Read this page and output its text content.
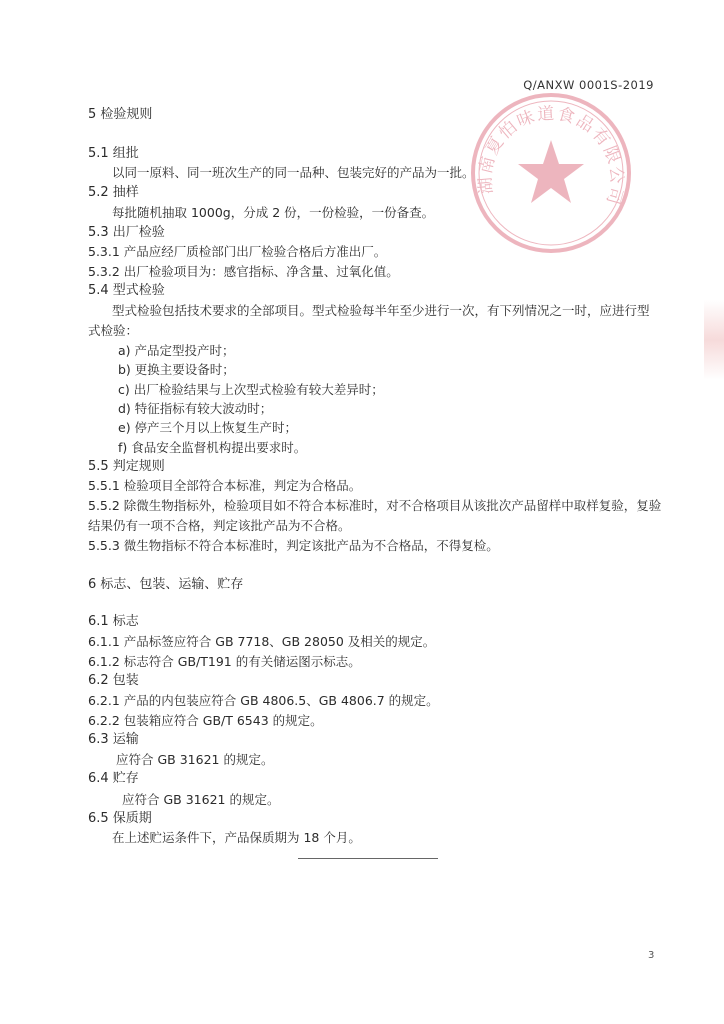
Q/ANXW 0001S-2019
湖南夏怕味道食品有限公司
5 检验规则
5.1 组批
以同一原料、同一班次生产的同一品种、包装完好的产品为一批。
5.2 抽样
每批随机抽取 1000g，分成 2 份，一份检验，一份备查。
5.3 出厂检验
5.3.1 产品应经厂质检部门出厂检验合格后方准出厂。
5.3.2 出厂检验项目为：感官指标、净含量、过氧化值。
5.4 型式检验
型式检验包括技术要求的全部项目。型式检验每半年至少进行一次，有下列情况之一时，应进行型
式检验：
a) 产品定型投产时；
b) 更换主要设备时；
c) 出厂检验结果与上次型式检验有较大差异时；
d) 特征指标有较大波动时；
e) 停产三个月以上恢复生产时；
f) 食品安全监督机构提出要求时。
5.5 判定规则
5.5.1 检验项目全部符合本标准，判定为合格品。
5.5.2 除微生物指标外，检验项目如不符合本标准时，对不合格项目从该批次产品留样中取样复验，复验
结果仍有一项不合格，判定该批产品为不合格。
5.5.3 微生物指标不符合本标准时，判定该批产品为不合格品，不得复检。
6 标志、包装、运输、贮存
6.1 标志
6.1.1 产品标签应符合 GB 7718、GB 28050 及相关的规定。
6.1.2 标志符合 GB/T191 的有关储运图示标志。
6.2 包装
6.2.1 产品的内包装应符合 GB 4806.5、GB 4806.7 的规定。
6.2.2 包装箱应符合 GB/T 6543 的规定。
6.3 运输
应符合 GB 31621 的规定。
6.4 贮存
应符合 GB 31621 的规定。
6.5 保质期
在上述贮运条件下，产品保质期为 18 个月。
3
